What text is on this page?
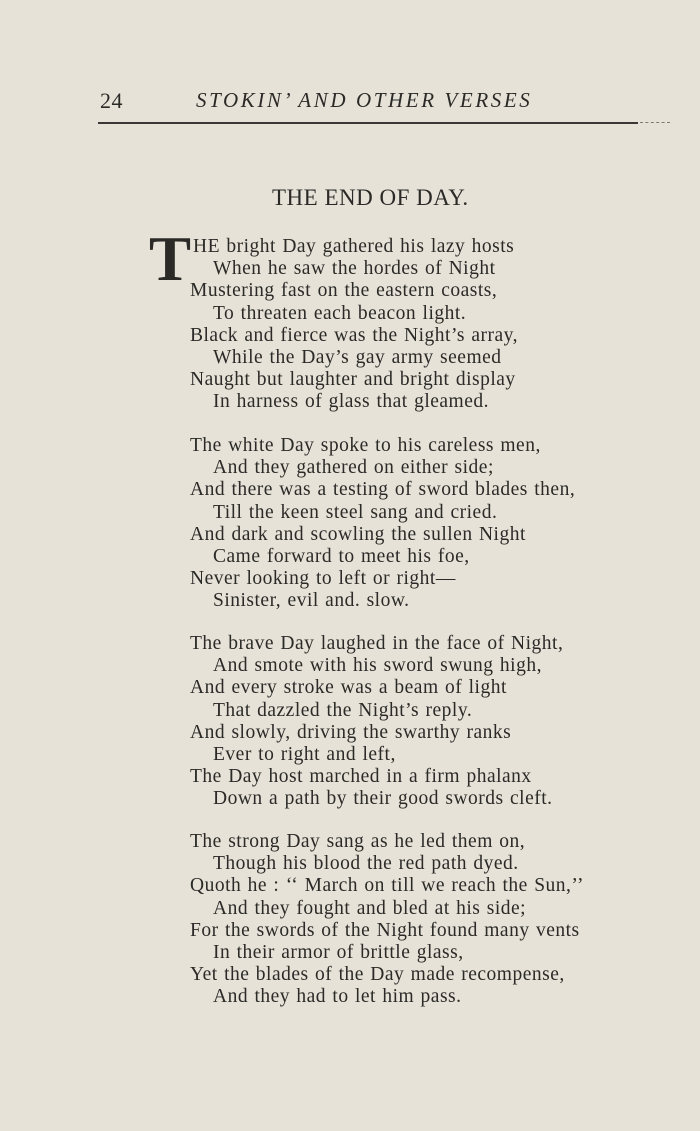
24	STOKIN’ AND OTHER VERSES
THE END OF DAY.
T HE bright Day gathered his lazy hosts
When he saw the hordes of Night
Mustering fast on the eastern coasts,
To threaten each beacon light.
Black and fierce was the Night’s array,
While the Day’s gay army seemed
Naught but laughter and bright display
In harness of glass that gleamed.
The white Day spoke to his careless men,
And they gathered on either side;
And there was a testing of sword blades then,
Till the keen steel sang and cried.
And dark and scowling the sullen Night
Came forward to meet his foe,
Never looking to left or right—
Sinister, evil and. slow.
The brave Day laughed in the face of Night,
And smote with his sword swung high,
And every stroke was a beam of light
That dazzled the Night’s reply.
And slowly, driving the swarthy ranks
Ever to right and left,
The Day host marched in a firm phalanx
Down a path by their good swords cleft.
The strong Day sang as he led them on,
Though his blood the red path dyed.
Quoth he : ‘‘ March on till we reach the Sun,’’
And they fought and bled at his side;
For the swords of the Night found many vents
In their armor of brittle glass,
Yet the blades of the Day made recompense,
And they had to let him pass.
